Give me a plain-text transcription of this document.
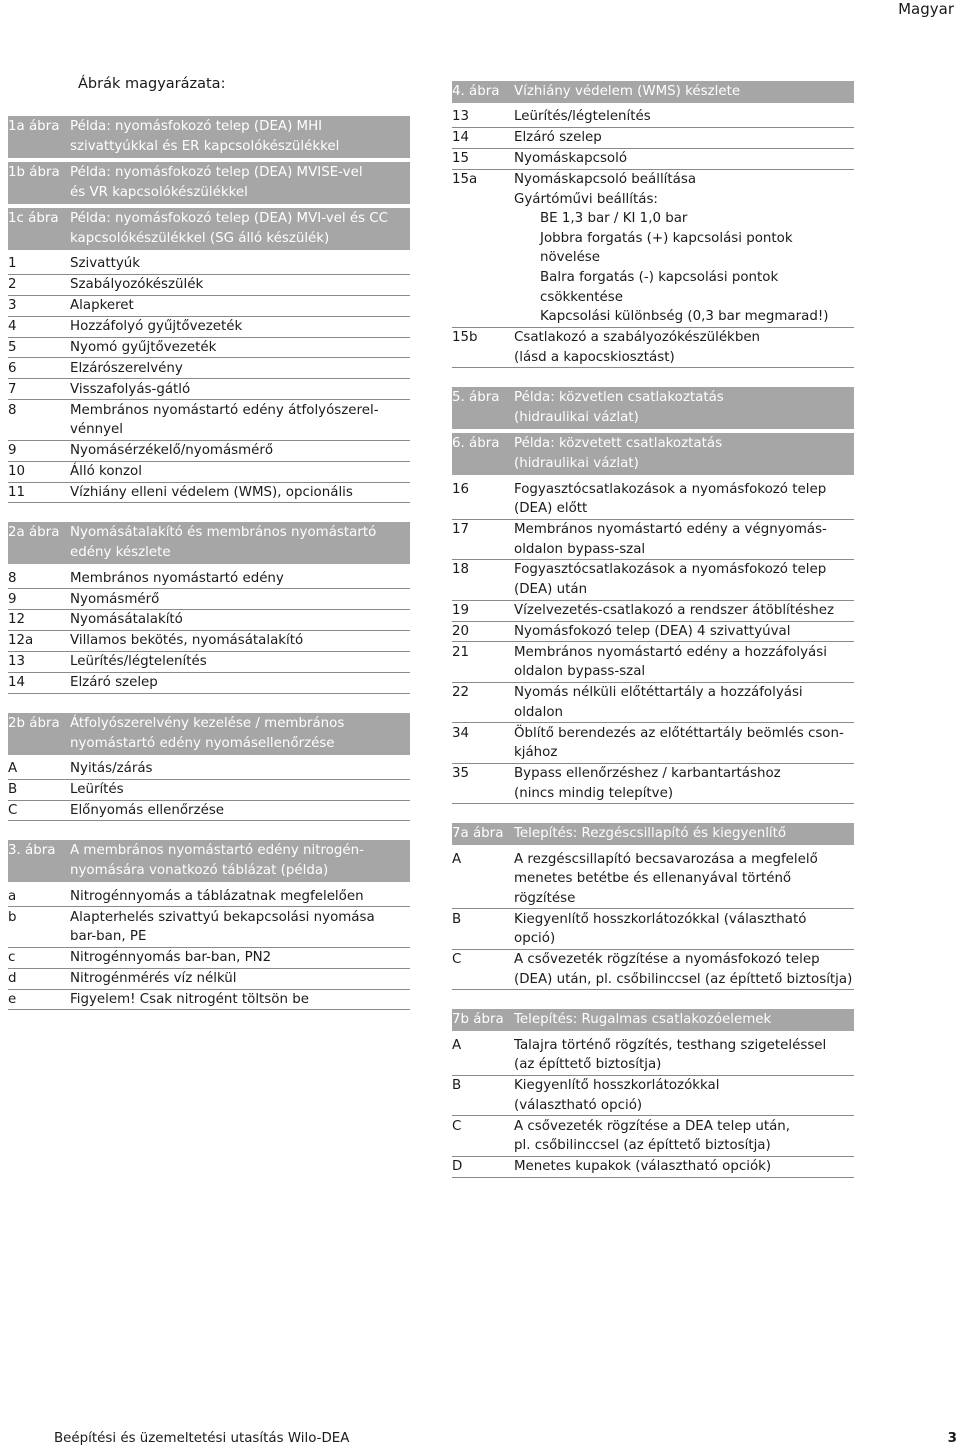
Magyar
Ábrák magyarázata:
1a ábra Példa: nyomásfokozó telep (DEA) MHI
szivattyúkkal és ER kapcsolókészülékkel
1b ábra Példa: nyomásfokozó telep (DEA) MVISE-vel
és VR kapcsolókészülékkel
1c ábra Példa: nyomásfokozó telep (DEA) MVI-vel és CC
kapcsolókészülékkel (SG álló készülék)
1	Szivattyúk
2	Szabályozókészülék
3	Alapkeret
4	Hozzáfolyó gyűjtővezeték
5	Nyomó gyűjtővezeték
6	Elzárószerelvény
7	Visszafolyás-gátló
8	Membrános nyomástartó edény átfolyószerel-
vénnyel
9	Nyomásérzékelő/nyomásmérő
10	Álló konzol
11	Vízhiány elleni védelem (WMS), opcionális
2a ábra Nyomásátalakító és membrános nyomástartó
edény készlete
8	Membrános nyomástartó edény
9	Nyomásmérő
12	Nyomásátalakító
12a	Villamos bekötés, nyomásátalakító
13	Leürítés/légtelenítés
14	Elzáró szelep
2b ábra Átfolyószerelvény kezelése / membrános
nyomástartó edény nyomásellenőrzése
A	Nyitás/zárás
B	Leürítés
C	Előnyomás ellenőrzése
3. ábra	A membrános nyomástartó edény nitrogén-
nyomására vonatkozó táblázat (példa)
a	Nitrogénnyomás a táblázatnak megfelelően
b	Alapterhelés szivattyú bekapcsolási nyomása
bar-ban, PE
c	Nitrogénnyomás bar-ban, PN2
d	Nitrogénmérés víz nélkül
e	Figyelem! Csak nitrogént töltsön be
4. ábra	Vízhiány védelem (WMS) készlete
13	Leürítés/légtelenítés
14	Elzáró szelep
15	Nyomáskapcsoló
15a	Nyomáskapcsoló beállítása
Gyártóművi beállítás:
BE 1,3 bar / KI 1,0 bar
Jobbra forgatás (+) kapcsolási pontok
növelése
Balra forgatás (-) kapcsolási pontok
csökkentése
Kapcsolási különbség (0,3 bar megmarad!)
15b	Csatlakozó a szabályozókészülékben
(lásd a kapocskiosztást)
5. ábra	Példa: közvetlen csatlakoztatás
(hidraulikai vázlat)
6. ábra	Példa: közvetett csatlakoztatás
(hidraulikai vázlat)
16	Fogyasztócsatlakozások a nyomásfokozó telep
(DEA) előtt
17	Membrános nyomástartó edény a végnyomás-
oldalon bypass-szal
18	Fogyasztócsatlakozások a nyomásfokozó telep
(DEA) után
19	Vízelvezetés-csatlakozó a rendszer átöblítéshez
20	Nyomásfokozó telep (DEA) 4 szivattyúval
21	Membrános nyomástartó edény a hozzáfolyási
oldalon bypass-szal
22	Nyomás nélküli előtéttartály a hozzáfolyási
oldalon
34	Öblítő berendezés az előtéttartály beömlés cson-
kjához
35	Bypass ellenőrzéshez / karbantartáshoz
(nincs mindig telepítve)
7a ábra Telepítés: Rezgéscsillapító és kiegyenlítő
A	A rezgéscsillapító becsavarozása a megfelelő
menetes betétbe és ellenanyával történő
rögzítése
B	Kiegyenlítő hosszkorlátozókkal (választható
opció)
C	A csővezeték rögzítése a nyomásfokozó telep
(DEA) után, pl. csőbilinccsel (az építtető biztosítja)
7b ábra Telepítés: Rugalmas csatlakozóelemek
A	Talajra történő rögzítés, testhang szigeteléssel
(az építtető biztosítja)
B	Kiegyenlítő hosszkorlátozókkal
(választható opció)
C	A csővezeték rögzítése a DEA telep után,
pl. csőbilinccsel (az építtető biztosítja)
D	Menetes kupakok (választható opciók)
Beépítési és üzemeltetési utasítás Wilo-DEA	3
